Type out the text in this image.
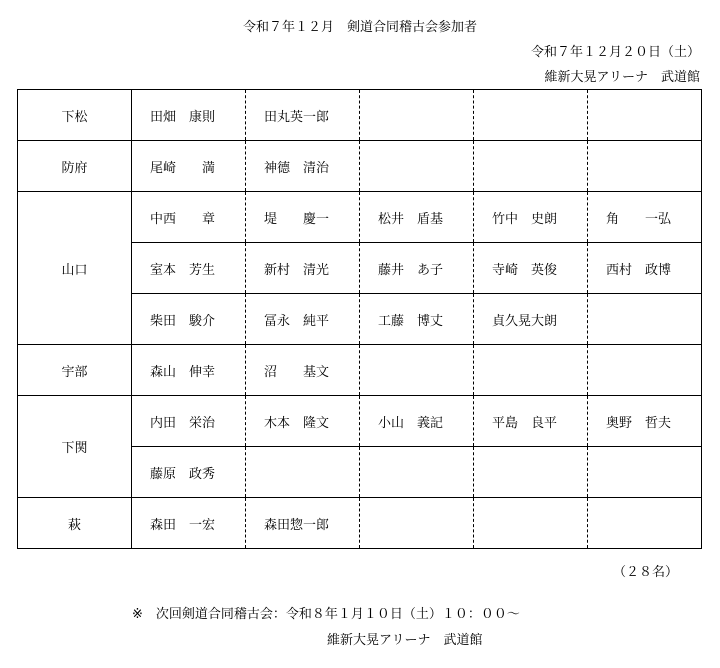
令和７年１２月　剣道合同稽古会参加者
令和７年１２月２０日（土）
維新大晃アリーナ　武道館
下松	田畑　康則	田丸英一郎			
防府	尾崎　　満	神德　清治			
山口	中西　　章	堤　　慶一	松井　盾基	竹中　史朗	角　　一弘
	室本　芳生	新村　清光	藤井　あ子	寺崎　英俊	西村　政博
	柴田　駿介	冨永　純平	工藤　博丈	貞久晃大朗	
宇部	森山　伸幸	沼　　基文			
下関	内田　栄治	木本　隆文	小山　義記	平島　良平	奥野　哲夫
	藤原　政秀				
萩	森田　一宏	森田惣一郎			
（２８名）
※　次回剣道合同稽古会：令和８年１月１０日（土）１０：００～
維新大晃アリーナ　武道館
